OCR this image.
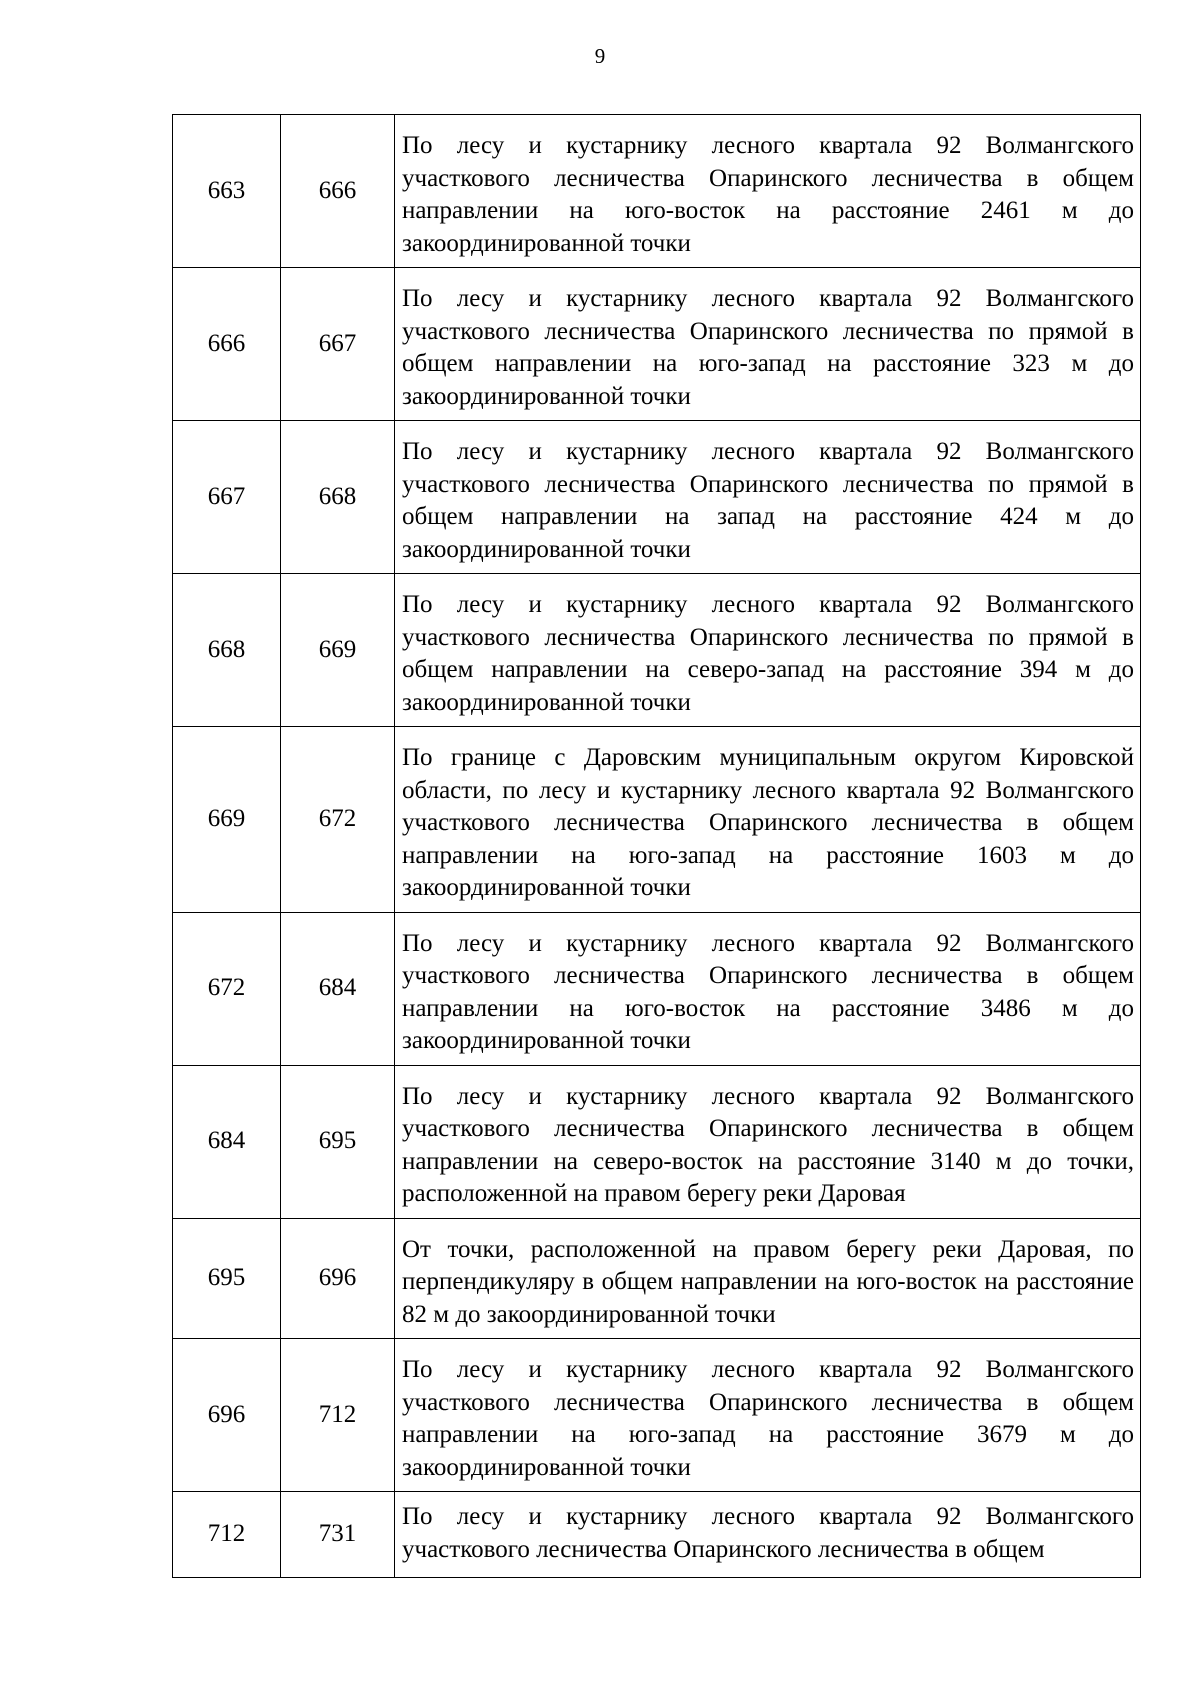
9
663	666	По лесу и кустарнику лесного квартала 92 Волмангского участкового лесничества Опаринского лесничества в общем направлении на юго-восток на расстояние 2461 м до закоординированной точки
666	667	По лесу и кустарнику лесного квартала 92 Волмангского участкового лесничества Опаринского лесничества по прямой в общем направлении на юго-запад на расстояние 323 м до закоординированной точки
667	668	По лесу и кустарнику лесного квартала 92 Волмангского участкового лесничества Опаринского лесничества по прямой в общем направлении на запад на расстояние 424 м до закоординированной точки
668	669	По лесу и кустарнику лесного квартала 92 Волмангского участкового лесничества Опаринского лесничества по прямой в общем направлении на северо-запад на расстояние 394 м до закоординированной точки
669	672	По границе с Даровским муниципальным округом Кировской области, по лесу и кустарнику лесного квартала 92 Волмангского участкового лесничества Опаринского лесничества в общем направлении на юго-запад на расстояние 1603 м до закоординированной точки
672	684	По лесу и кустарнику лесного квартала 92 Волмангского участкового лесничества Опаринского лесничества в общем направлении на юго-восток на расстояние 3486 м до закоординированной точки
684	695	По лесу и кустарнику лесного квартала 92 Волмангского участкового лесничества Опаринского лесничества в общем направлении на северо-восток на расстояние 3140 м до точки, расположенной на правом берегу реки Даровая
695	696	От точки, расположенной на правом берегу реки Даровая, по перпендикуляру в общем направлении на юго-восток на расстояние 82 м до закоординированной точки
696	712	По лесу и кустарнику лесного квартала 92 Волмангского участкового лесничества Опаринского лесничества в общем направлении на юго-запад на расстояние 3679 м до закоординированной точки
712	731	По лесу и кустарнику лесного квартала 92 Волмангского участкового лесничества Опаринского лесничества в общем
